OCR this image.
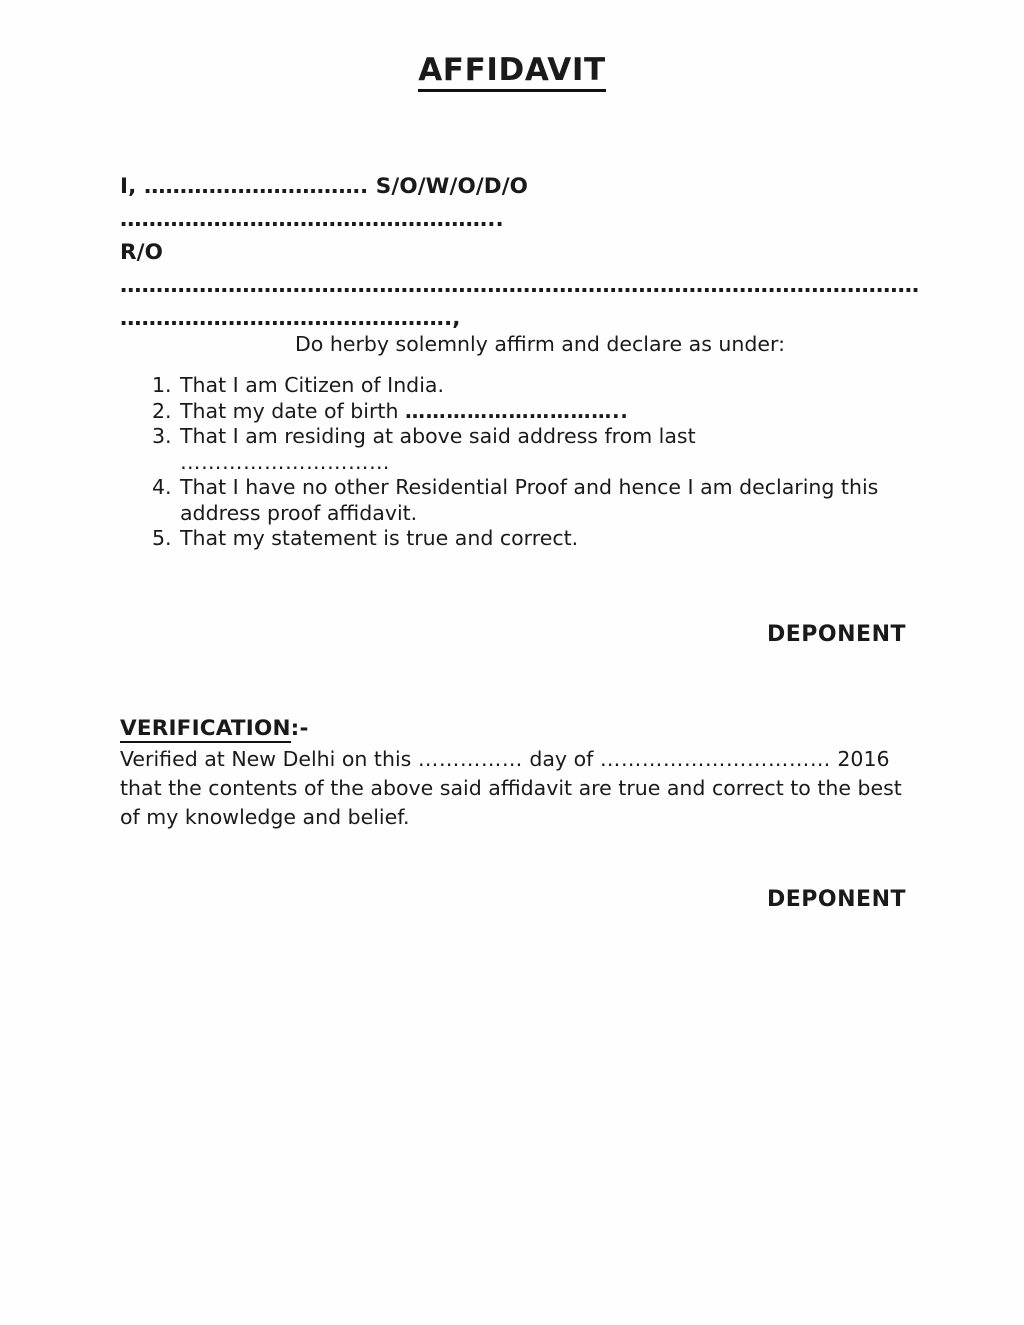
AFFIDAVIT
I, …………………………. S/O/W/O/D/O
……………………………………………..
R/O
…………………………………………………………………………………………………
……………………………………….,
Do herby solemnly affirm and declare as under:
1. That I am Citizen of India.
2. That my date of birth …………………………..
3. That I am residing at above said address from last …………………………
4. That I have no other Residential Proof and hence I am declaring this address proof affidavit.
5. That my statement is true and correct.
DEPONENT
VERIFICATION:-
Verified at New Delhi on this …………… day of …………………………… 2016 that the contents of the above said affidavit are true and correct to the best of my knowledge and belief.
DEPONENT
